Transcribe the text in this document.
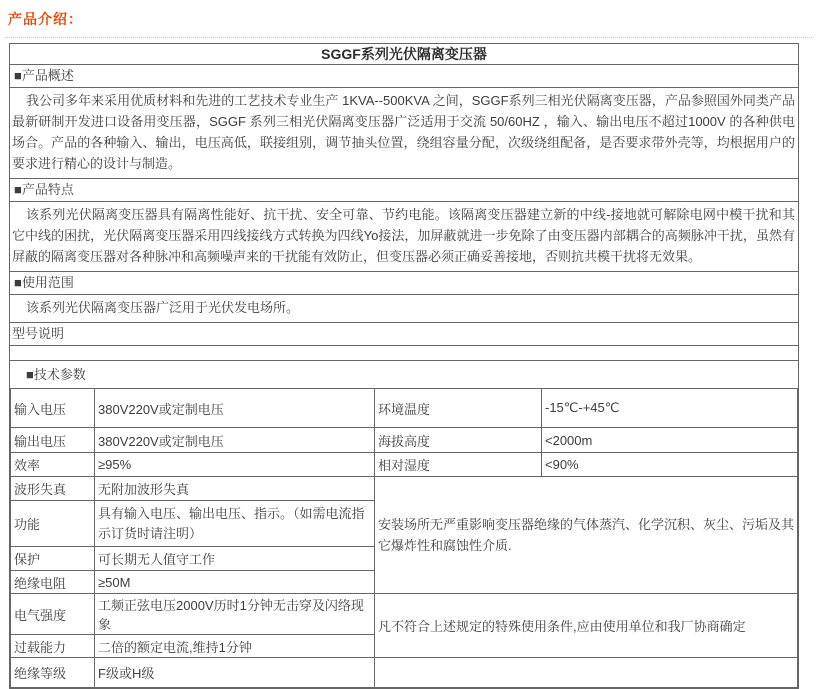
产品介绍：
SGGF系列光伏隔离变压器
■产品概述
我公司多年来采用优质材料和先进的工艺技术专业生产 1KVA--500KVA 之间，SGGF系列三相光伏隔离变压器，产品参照国外同类产品最新研制开发进口设备用变压器，SGGF 系列三相光伏隔离变压器广泛适用于交流 50/60HZ ，输入、输出电压不超过1000V 的各种供电场合。产品的各种输入、输出，电压高低，联接组别，调节抽头位置，绕组容量分配，次级绕组配备，是否要求带外壳等，均根据用户的要求进行精心的设计与制造。
■产品特点
该系列光伏隔离变压器具有隔离性能好、抗干扰、安全可靠、节约电能。该隔离变压器建立新的中线-接地就可解除电网中模干扰和其它中线的困扰，光伏隔离变压器采用四线接线方式转换为四线Yo接法，加屏蔽就进一步免除了由变压器内部耦合的高频脉冲干扰，虽然有屏蔽的隔离变压器对各种脉冲和高频噪声来的干扰能有效防止，但变压器必须正确妥善接地，否则抗共模干扰将无效果。
■使用范围
该系列光伏隔离变压器广泛用于光伏发电场所。
型号说明
■技术参数
输入电压	380V220V或定制电压	环境温度	-15℃-+45℃
输出电压	380V220V或定制电压	海拔高度	<2000m
效率	≥95%	相对湿度	<90%
波形失真	无附加波形失真	安装场所无严重影响变压器绝缘的气体蒸汽、化学沉积、灰尘、污垢及其它爆炸性和腐蚀性介质.	
功能	具有输入电压、输出电压、指示。（如需电流指示订货时请注明）		
保护	可长期无人值守工作		
绝缘电阻	≥50M		
电气强度	工频正弦电压2000V历时1分钟无击穿及闪络现象	凡不符合上述规定的特殊使用条件,应由使用单位和我厂协商确定	
过载能力	二倍的额定电流,维持1分钟		
绝缘等级	F级或H级		
